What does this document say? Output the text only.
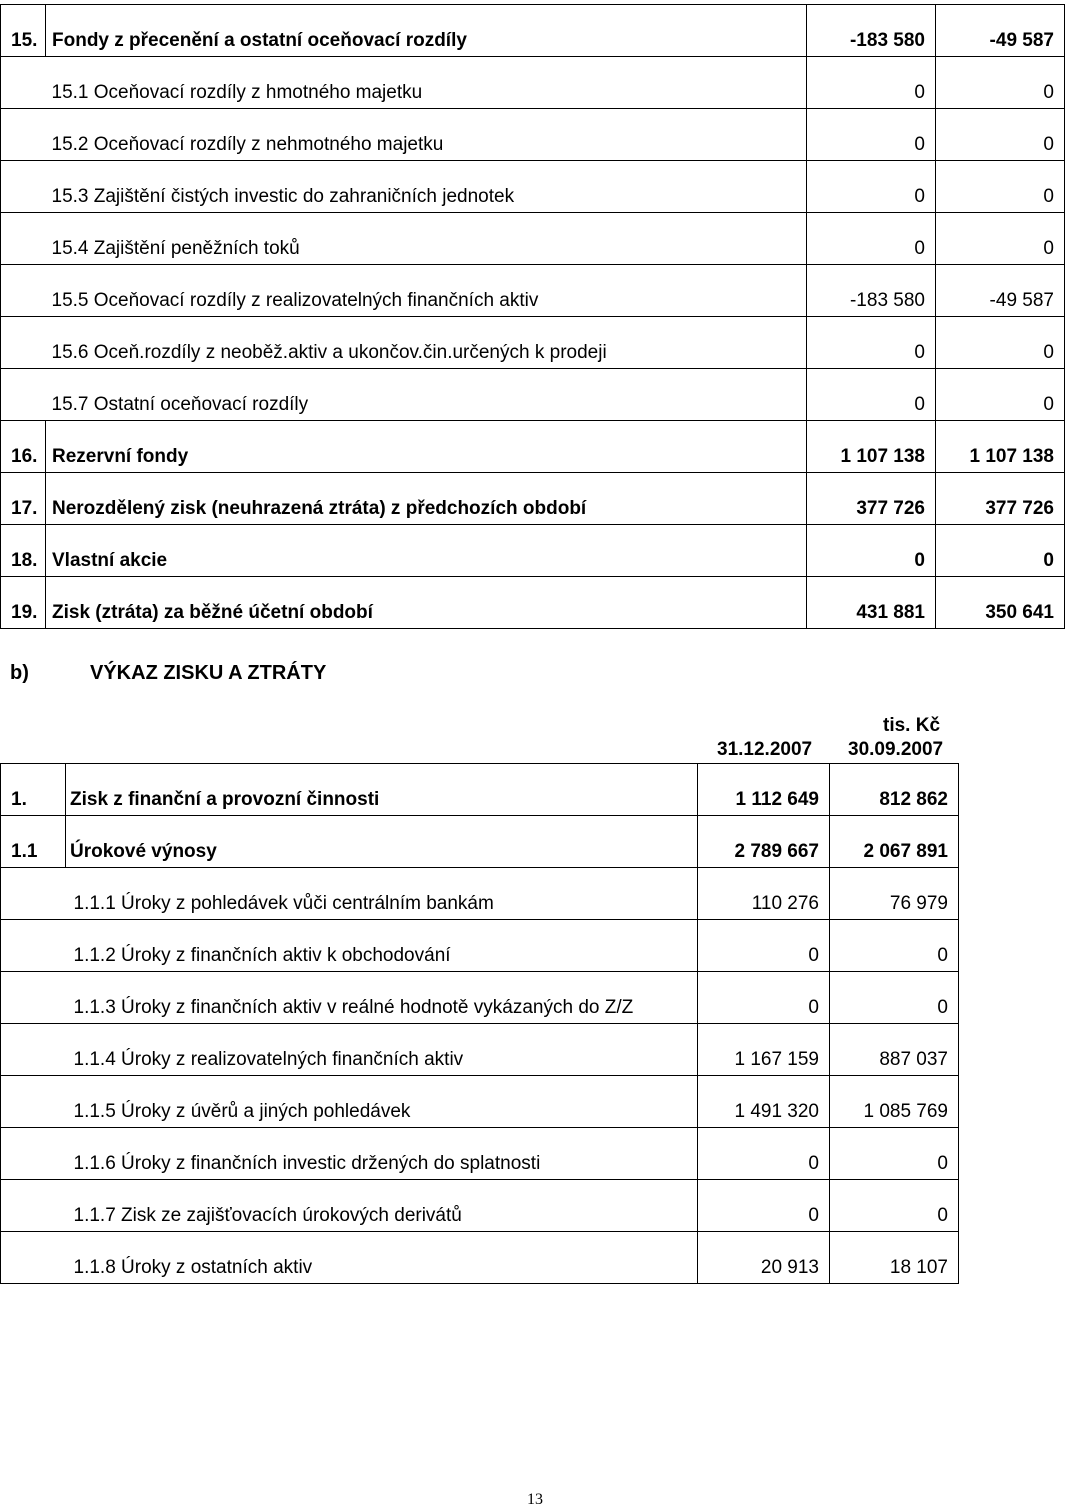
15.	Fondy z přecenění a ostatní oceňovací rozdíly	-183 580	-49 587
	15.1 Oceňovací rozdíly z hmotného majetku	0	0
	15.2 Oceňovací rozdíly z nehmotného majetku	0	0
	15.3 Zajištění čistých investic do zahraničních jednotek	0	0
	15.4 Zajištění peněžních toků	0	0
	15.5 Oceňovací rozdíly z realizovatelných finančních aktiv	-183 580	-49 587
	15.6 Oceň.rozdíly z neoběž.aktiv a ukončov.čin.určených k prodeji	0	0
	15.7 Ostatní oceňovací rozdíly	0	0
16.	Rezervní fondy	1 107 138	1 107 138
17.	Nerozdělený zisk (neuhrazená ztráta) z předchozích období	377 726	377 726
18.	Vlastní akcie	0	0
19.	Zisk (ztráta) za běžné účetní období	431 881	350 641
b)	VÝKAZ ZISKU A ZTRÁTY
tis. Kč
31.12.2007 30.09.2007
1.	Zisk z finanční a provozní činnosti	1 112 649	812 862
1.1	Úrokové výnosy	2 789 667	2 067 891
	1.1.1 Úroky z pohledávek vůči centrálním bankám	110 276	76 979
	1.1.2 Úroky z finančních aktiv k obchodování	0	0
	1.1.3 Úroky z finančních aktiv v reálné hodnotě vykázaných do Z/Z	0	0
	1.1.4 Úroky z realizovatelných finančních aktiv	1 167 159	887 037
	1.1.5 Úroky z úvěrů a jiných pohledávek	1 491 320	1 085 769
	1.1.6 Úroky z finančních investic držených do splatnosti	0	0
	1.1.7 Zisk ze zajišťovacích úrokových derivátů	0	0
	1.1.8 Úroky z ostatních aktiv	20 913	18 107
13
